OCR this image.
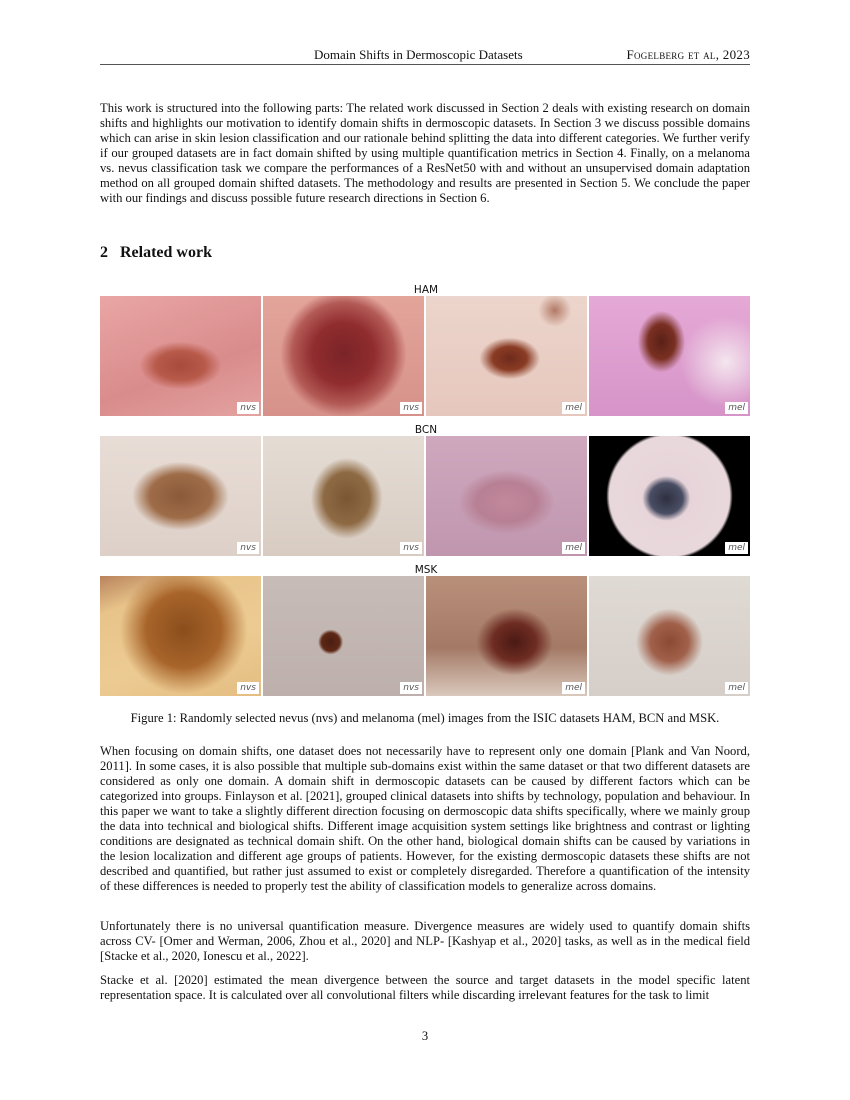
Domain Shifts in Dermoscopic Datasets	Fogelberg et al, 2023

This work is structured into the following parts: The related work discussed in Section 2 deals with existing research on domain shifts and highlights our motivation to identify domain shifts in dermoscopic datasets. In Section 3 we discuss possible domains which can arise in skin lesion classification and our rationale behind splitting the data into different categories. We further verify if our grouped datasets are in fact domain shifted by using multiple quantification metrics in Section 4. Finally, on a melanoma vs. nevus classification task we compare the performances of a ResNet50 with and without an unsupervised domain adaptation method on all grouped domain shifted datasets. The methodology and results are presented in Section 5. We conclude the paper with our findings and discuss possible future research directions in Section 6.

2 Related work
HAM
nvs	nvs	mel	mel
BCN
nvs	nvs	mel	mel
MSK
nvs	nvs	mel	mel

Figure 1: Randomly selected nevus (nvs) and melanoma (mel) images from the ISIC datasets HAM, BCN and MSK.

When focusing on domain shifts, one dataset does not necessarily have to represent only one domain [Plank and Van Noord, 2011]. In some cases, it is also possible that multiple sub-domains exist within the same dataset or that two different datasets are considered as only one domain. A domain shift in dermoscopic datasets can be caused by different factors which can be categorized into groups. Finlayson et al. [2021], grouped clinical datasets into shifts by technology, population and behaviour. In this paper we want to take a slightly different direction focusing on dermoscopic data shifts specifically, where we mainly group the data into technical and biological shifts. Different image acquisition system settings like brightness and contrast or lighting conditions are designated as technical domain shift. On the other hand, biological domain shifts can be caused by variations in the lesion localization and different age groups of patients. However, for the existing dermoscopic datasets these shifts are not described and quantified, but rather just assumed to exist or completely disregarded. Therefore a quantification of the intensity of these differences is needed to properly test the ability of classification models to generalize across domains.

Unfortunately there is no universal quantification measure. Divergence measures are widely used to quantify domain shifts across CV- [Omer and Werman, 2006, Zhou et al., 2020] and NLP- [Kashyap et al., 2020] tasks, as well as in the medical field [Stacke et al., 2020, Ionescu et al., 2022].

Stacke et al. [2020] estimated the mean divergence between the source and target datasets in the model specific latent representation space. It is calculated over all convolutional filters while discarding irrelevant features for the task to limit

3
